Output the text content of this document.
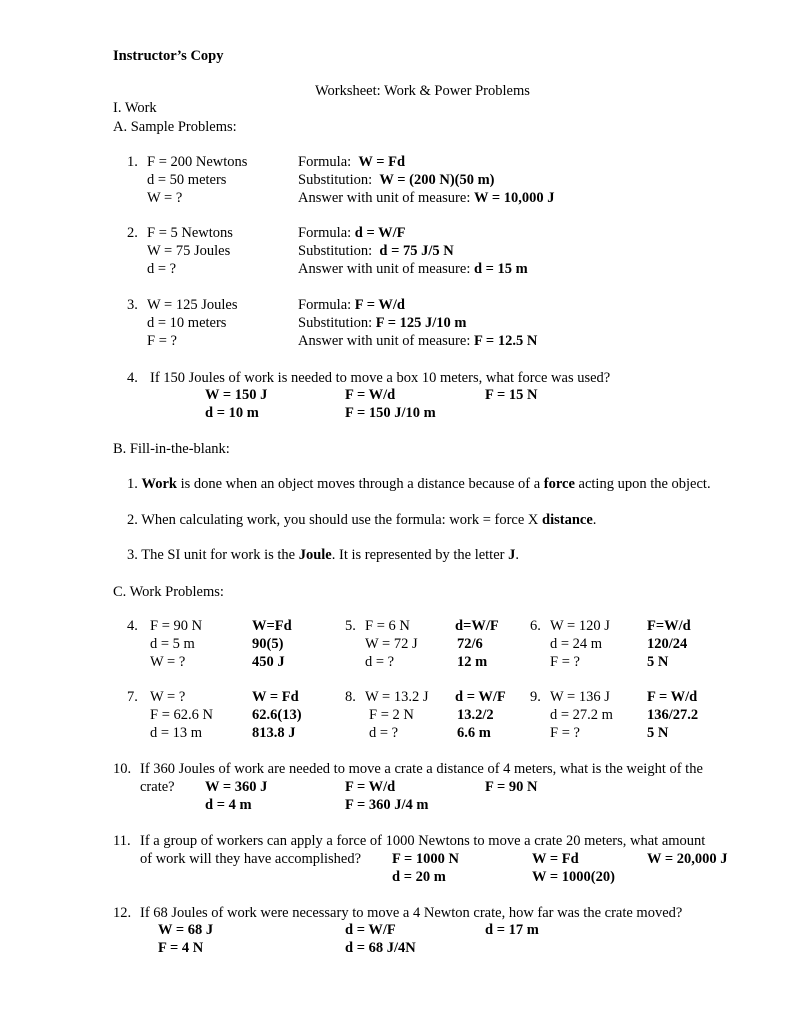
Instructor’s Copy
Worksheet: Work & Power Problems
I. Work
A. Sample Problems:
1. F = 200 Newtons
d = 50 meters
W = ?
Formula: W = Fd
Substitution: W = (200 N)(50 m)
Answer with unit of measure: W = 10,000 J
2. F = 5 Newtons
W = 75 Joules
d = ?
Formula: d = W/F
Substitution: d = 75 J/5 N
Answer with unit of measure: d = 15 m
3. W = 125 Joules
d = 10 meters
F = ?
Formula: F = W/d
Substitution: F = 125 J/10 m
Answer with unit of measure: F = 12.5 N
4. If 150 Joules of work is needed to move a box 10 meters, what force was used?
W = 150 J
d = 10 m
F = W/d
F = 150 J/10 m
F = 15 N
B. Fill-in-the-blank:
1. Work is done when an object moves through a distance because of a force acting upon the object.
2. When calculating work, you should use the formula: work = force X distance.
3. The SI unit for work is the Joule. It is represented by the letter J.
C. Work Problems:
4. F = 90 N
d = 5 m
W = ?
W=Fd
90(5)
450 J
5. F = 6 N
W = 72 J
d = ?
d=W/F
72/6
12 m
6. W = 120 J
d = 24 m
F = ?
F=W/d
120/24
5 N
7. W = ?
F = 62.6 N
d = 13 m
W = Fd
62.6(13)
813.8 J
8. W = 13.2 J
F = 2 N
d = ?
d = W/F
13.2/2
6.6 m
9. W = 136 J
d = 27.2 m
F = ?
F = W/d
136/27.2
5 N
10. If 360 Joules of work are needed to move a crate a distance of 4 meters, what is the weight of the
crate? W = 360 J
d = 4 m
F = W/d
F = 360 J/4 m
F = 90 N
11. If a group of workers can apply a force of 1000 Newtons to move a crate 20 meters, what amount
of work will they have accomplished? F = 1000 N
d = 20 m
W = Fd
W = 1000(20)
W = 20,000 J
12. If 68 Joules of work were necessary to move a 4 Newton crate, how far was the crate moved?
W = 68 J
F = 4 N
d = W/F
d = 68 J/4N
d = 17 m
